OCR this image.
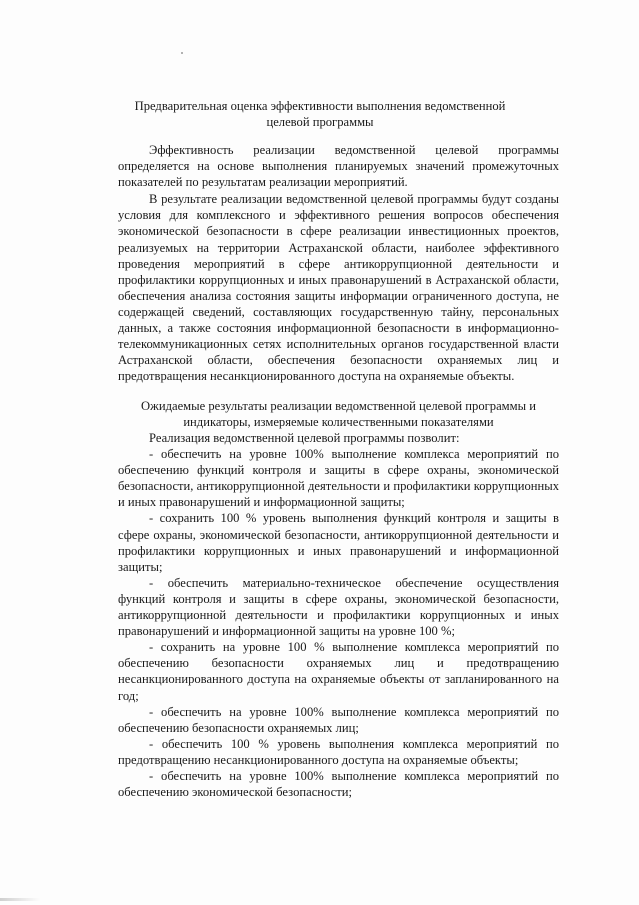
Предварительная оценка эффективности выполнения ведомственной целевой программы

Эффективность реализации ведомственной целевой программы определяется на основе выполнения планируемых значений промежуточных показателей по результатам реализации мероприятий.

В результате реализации ведомственной целевой программы будут созданы условия для комплексного и эффективного решения вопросов обеспечения экономической безопасности в сфере реализации инвестиционных проектов, реализуемых на территории Астраханской области, наиболее эффективного проведения мероприятий в сфере антикоррупционной деятельности и профилактики коррупционных и иных правонарушений в Астраханской области, обеспечения анализа состояния защиты информации ограниченного доступа, не содержащей сведений, составляющих государственную тайну, персональных данных, а также состояния информационной безопасности в информационно-телекоммуникационных сетях исполнительных органов государственной власти Астраханской области, обеспечения безопасности охраняемых лиц и предотвращения несанкционированного доступа на охраняемые объекты.

Ожидаемые результаты реализации ведомственной целевой программы и индикаторы, измеряемые количественными показателями

Реализация ведомственной целевой программы позволит:

- обеспечить на уровне 100% выполнение комплекса мероприятий по обеспечению функций контроля и защиты в сфере охраны, экономической безопасности, антикоррупционной деятельности и профилактики коррупционных и иных правонарушений и информационной защиты;

- сохранить 100 % уровень выполнения функций контроля и защиты в сфере охраны, экономической безопасности, антикоррупционной деятельности и профилактики коррупционных и иных правонарушений и информационной защиты;

- обеспечить материально-техническое обеспечение осуществления функций контроля и защиты в сфере охраны, экономической безопасности, антикоррупционной деятельности и профилактики коррупционных и иных правонарушений и информационной защиты на уровне 100 %;

- сохранить на уровне 100 % выполнение комплекса мероприятий по обеспечению безопасности охраняемых лиц и предотвращению несанкционированного доступа на охраняемые объекты от запланированного на год;

- обеспечить на уровне 100% выполнение комплекса мероприятий по обеспечению безопасности охраняемых лиц;

- обеспечить 100 % уровень выполнения комплекса мероприятий по предотвращению несанкционированного доступа на охраняемые объекты;

- обеспечить на уровне 100% выполнение комплекса мероприятий по обеспечению экономической безопасности;
